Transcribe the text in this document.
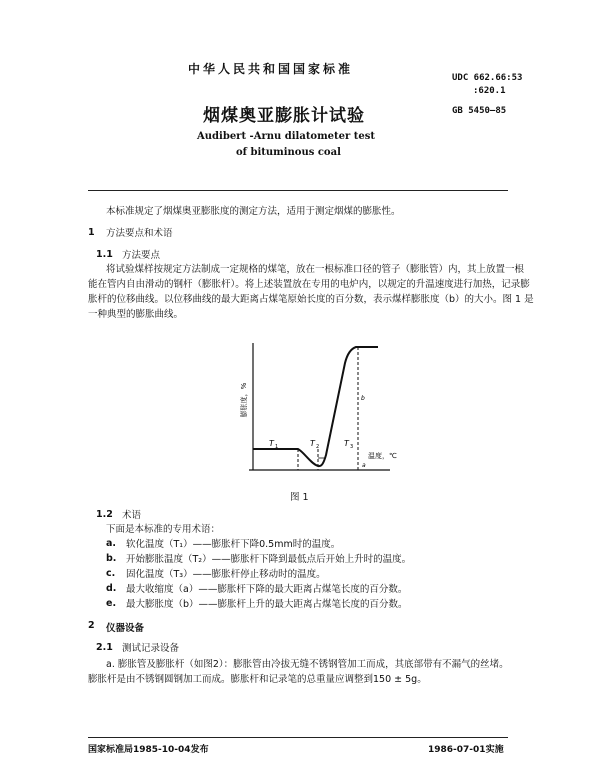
中华人民共和国国家标准
UDC 662.66:53
:620.1
烟煤奥亚膨胀计试验	GB 5450—85
Audibert -Arnu dilatometer test
of bituminous coal
本标准规定了烟煤奥亚膨胀度的测定方法，适用于测定烟煤的膨胀性。
1 方法要点和术语
1.1 方法要点
将试验煤样按规定方法制成一定规格的煤笔，放在一根标准口径的管子（膨胀管）内，其上放置一根
能在管内自由滑动的钢杆（膨胀杆）。将上述装置放在专用的电炉内，以规定的升温速度进行加热，记录膨
胀杆的位移曲线。以位移曲线的最大距离占煤笔原始长度的百分数，表示煤样膨胀度（b）的大小。图 1 是
一种典型的膨胀曲线。
膨胀度，%
温度，℃
T 1	T 2	T 3
a
b
图 1
1.2 术语
下面是本标准的专用术语：
a. 软化温度（T₁）——膨胀杆下降0.5mm时的温度。
b. 开始膨胀温度（T₂）——膨胀杆下降到最低点后开始上升时的温度。
c. 固化温度（T₃）——膨胀杆停止移动时的温度。
d. 最大收缩度（a）——膨胀杆下降的最大距离占煤笔长度的百分数。
e. 最大膨胀度（b）——膨胀杆上升的最大距离占煤笔长度的百分数。
2 仪器设备
2.1 测试记录设备
a. 膨胀管及膨胀杆（如图2）：膨胀管由冷拔无缝不锈钢管加工而成，其底部带有不漏气的丝堵。
膨胀杆是由不锈钢圆钢加工而成。膨胀杆和记录笔的总重量应调整到150 ± 5g。
国家标准局1985-10-04发布	1986-07-01实施
